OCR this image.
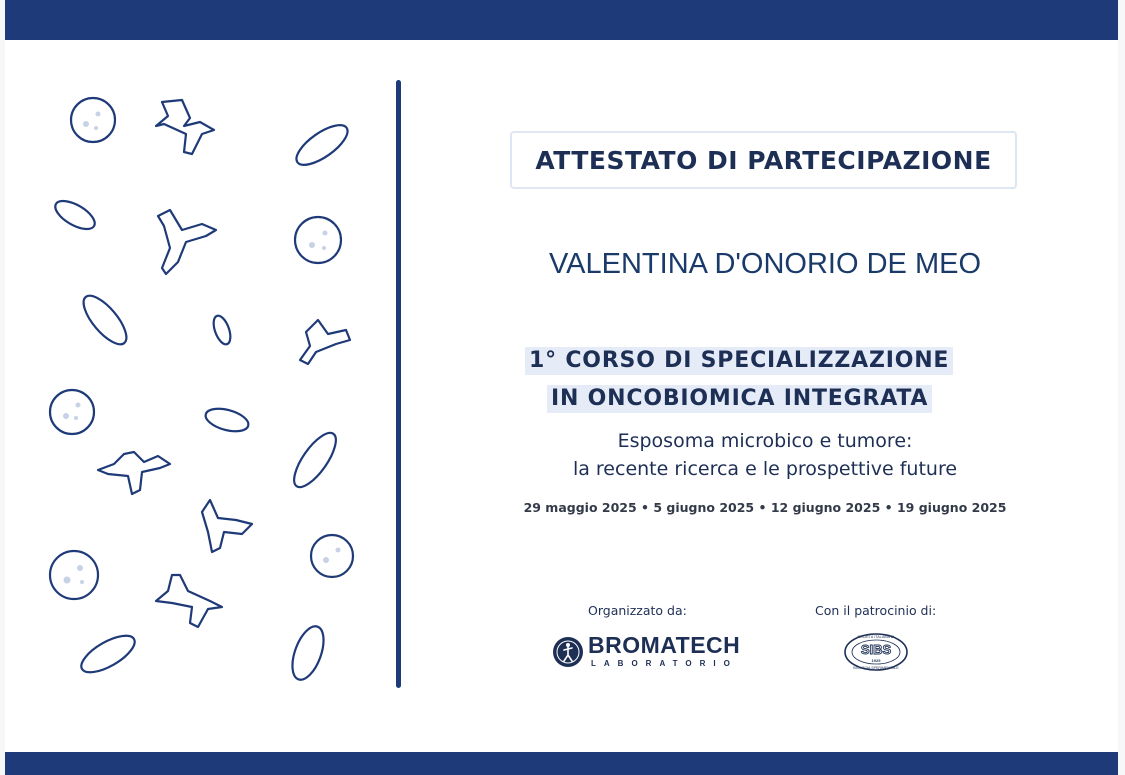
ATTESTATO DI PARTECIPAZIONE
VALENTINA D'ONORIO DE MEO
1° CORSO DI SPECIALIZZAZIONE
IN ONCOBIOMICA INTEGRATA
Esposoma microbico e tumore:
la recente ricerca e le prospettive future
29 maggio 2025 • 5 giugno 2025 • 12 giugno 2025 • 19 giugno 2025
Organizzato da:	Con il patrocinio di:
BROMATECH
LABORATORIO
SIBS
1925
SOCIETÀ ITALIANA DI
BIOLOGIA SPERIMENTALE
